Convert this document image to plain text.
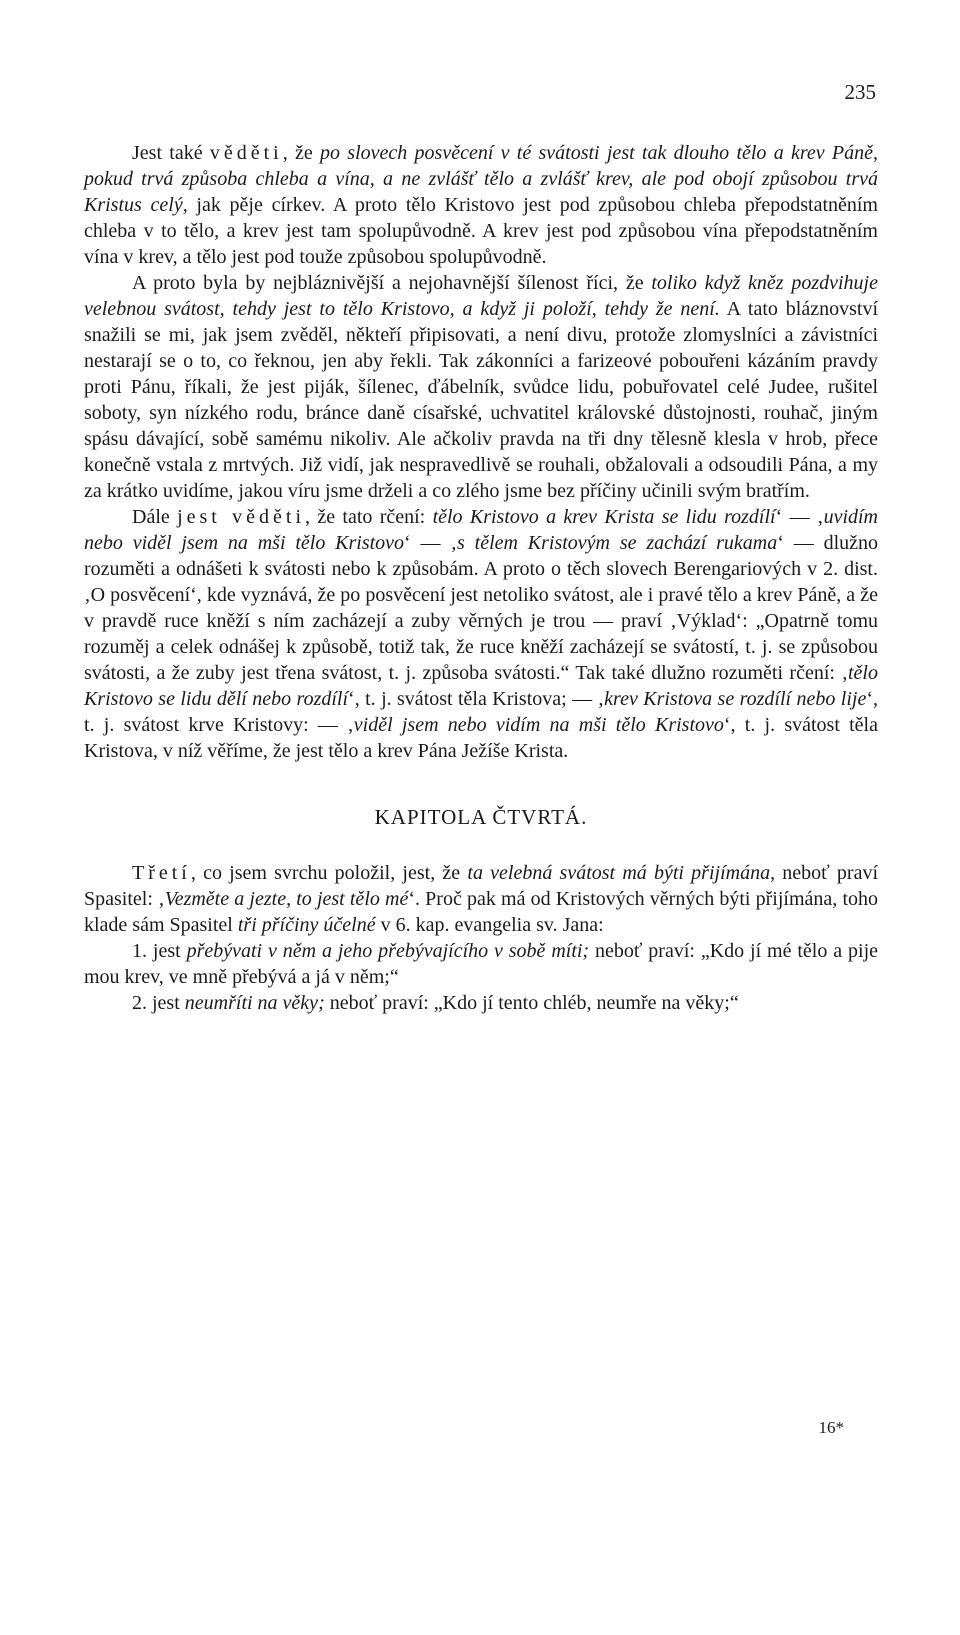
235

Jest také věděti, že po slovech posvěcení v té svátosti jest tak dlouho tělo a krev Páně, pokud trvá způsoba chleba a vína, a ne zvlášť tělo a zvlášť krev, ale pod obojí způsobou trvá Kristus celý, jak pěje církev. A proto tělo Kristovo jest pod způsobou chleba přepodstatněním chleba v to tělo, a krev jest tam spolupůvodně. A krev jest pod způsobou vína přepodstatněním vína v krev, a tělo jest pod touže způsobou spolupůvodně.

A proto byla by nejbláznivější a nejohavnější šílenost říci, že toliko když kněz pozdvihuje velebnou svátost, tehdy jest to tělo Kristovo, a když ji položí, tehdy že není. A tato bláznovství snažili se mi, jak jsem zvěděl, někteří připisovati, a není divu, protože zlomyslníci a závistníci nestarají se o to, co řeknou, jen aby řekli. Tak zákonníci a farizeové pobouřeni kázáním pravdy proti Pánu, říkali, že jest piják, šílenec, ďábelník, svůdce lidu, pobuřovatel celé Judee, rušitel soboty, syn nízkého rodu, bránce daně císařské, uchvatitel královské důstojnosti, rouhač, jiným spásu dávající, sobě samému nikoliv. Ale ačkoliv pravda na tři dny tělesně klesla v hrob, přece konečně vstala z mrtvých. Již vidí, jak nespravedlivě se rouhali, obžalovali a odsoudili Pána, a my za krátko uvidíme, jakou víru jsme drželi a co zlého jsme bez příčiny učinili svým bratřím.

Dále jest věděti, že tato rčení: tělo Kristovo a krev Krista se lidu rozdílí‘ — ‚uvidím nebo viděl jsem na mši tělo Kristovo‘ — ‚s tělem Kristovým se zachází rukama‘ — dlužno rozuměti a odnášeti k svátosti nebo k způsobám. A proto o těch slovech Berengariových v 2. dist. ‚O posvěcení‘, kde vyznává, že po posvěcení jest netoliko svátost, ale i pravé tělo a krev Páně, a že v pravdě ruce kněží s ním zacházejí a zuby věrných je trou — praví ‚Výklad‘: „Opatrně tomu rozuměj a celek odnášej k způsobě, totiž tak, že ruce kněží zacházejí se svátostí, t. j. se způsobou svátosti, a že zuby jest třena svátost, t. j. způsoba svátosti.“ Tak také dlužno rozuměti rčení: ‚tělo Kristovo se lidu dělí nebo rozdílí‘, t. j. svátost těla Kristova; — ‚krev Kristova se rozdílí nebo lije‘, t. j. svátost krve Kristovy: — ‚viděl jsem nebo vidím na mši tělo Kristovo‘, t. j. svátost těla Kristova, v níž věříme, že jest tělo a krev Pána Ježíše Krista.

KAPITOLA ČTVRTÁ.

Třetí, co jsem svrchu položil, jest, že ta velebná svátost má býti přijímána, neboť praví Spasitel: ‚Vezměte a jezte, to jest tělo mé‘. Proč pak má od Kristových věrných býti přijímána, toho klade sám Spasitel tři příčiny účelné v 6. kap. evangelia sv. Jana:

1. jest přebývati v něm a jeho přebývajícího v sobě míti; neboť praví: „Kdo jí mé tělo a pije mou krev, ve mně přebývá a já v něm;“

2. jest neumříti na věky; neboť praví: „Kdo jí tento chléb, neumře na věky;“

16*
